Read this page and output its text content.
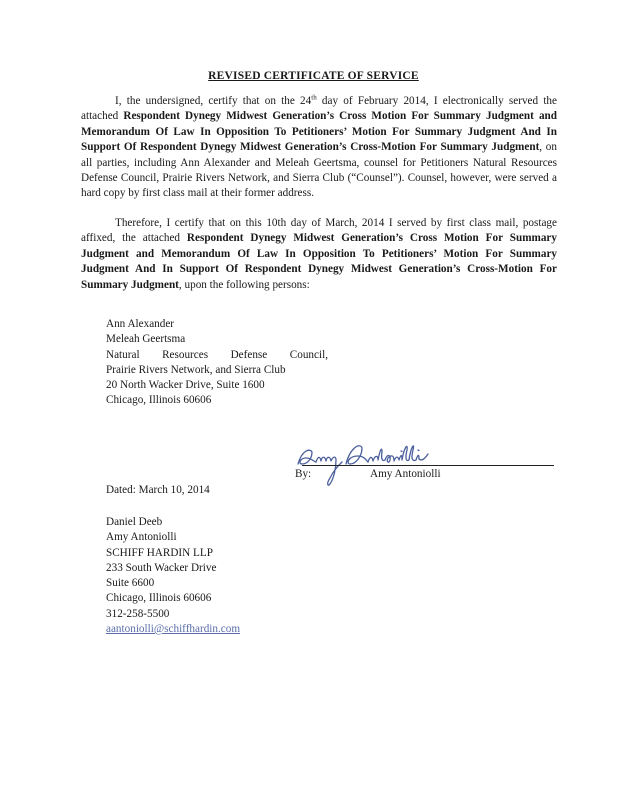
REVISED CERTIFICATE OF SERVICE

I, the undersigned, certify that on the 24th day of February 2014, I electronically served the attached Respondent Dynegy Midwest Generation’s Cross Motion For Summary Judgment and Memorandum Of Law In Opposition To Petitioners’ Motion For Summary Judgment And In Support Of Respondent Dynegy Midwest Generation’s Cross-Motion For Summary Judgment, on all parties, including Ann Alexander and Meleah Geertsma, counsel for Petitioners Natural Resources Defense Council, Prairie Rivers Network, and Sierra Club (“Counsel”). Counsel, however, were served a hard copy by first class mail at their former address.

Therefore, I certify that on this 10th day of March, 2014 I served by first class mail, postage affixed, the attached Respondent Dynegy Midwest Generation’s Cross Motion For Summary Judgment and Memorandum Of Law In Opposition To Petitioners’ Motion For Summary Judgment And In Support Of Respondent Dynegy Midwest Generation’s Cross-Motion For Summary Judgment, upon the following persons:

Ann Alexander
Meleah Geertsma
Natural Resources Defense Council,
Prairie Rivers Network, and Sierra Club
20 North Wacker Drive, Suite 1600
Chicago, Illinois 60606
By:	Amy Antoniolli
Dated: March 10, 2014
Daniel Deeb
Amy Antoniolli
SCHIFF HARDIN LLP
233 South Wacker Drive
Suite 6600
Chicago, Illinois 60606
312-258-5500
aantoniolli@schiffhardin.com
